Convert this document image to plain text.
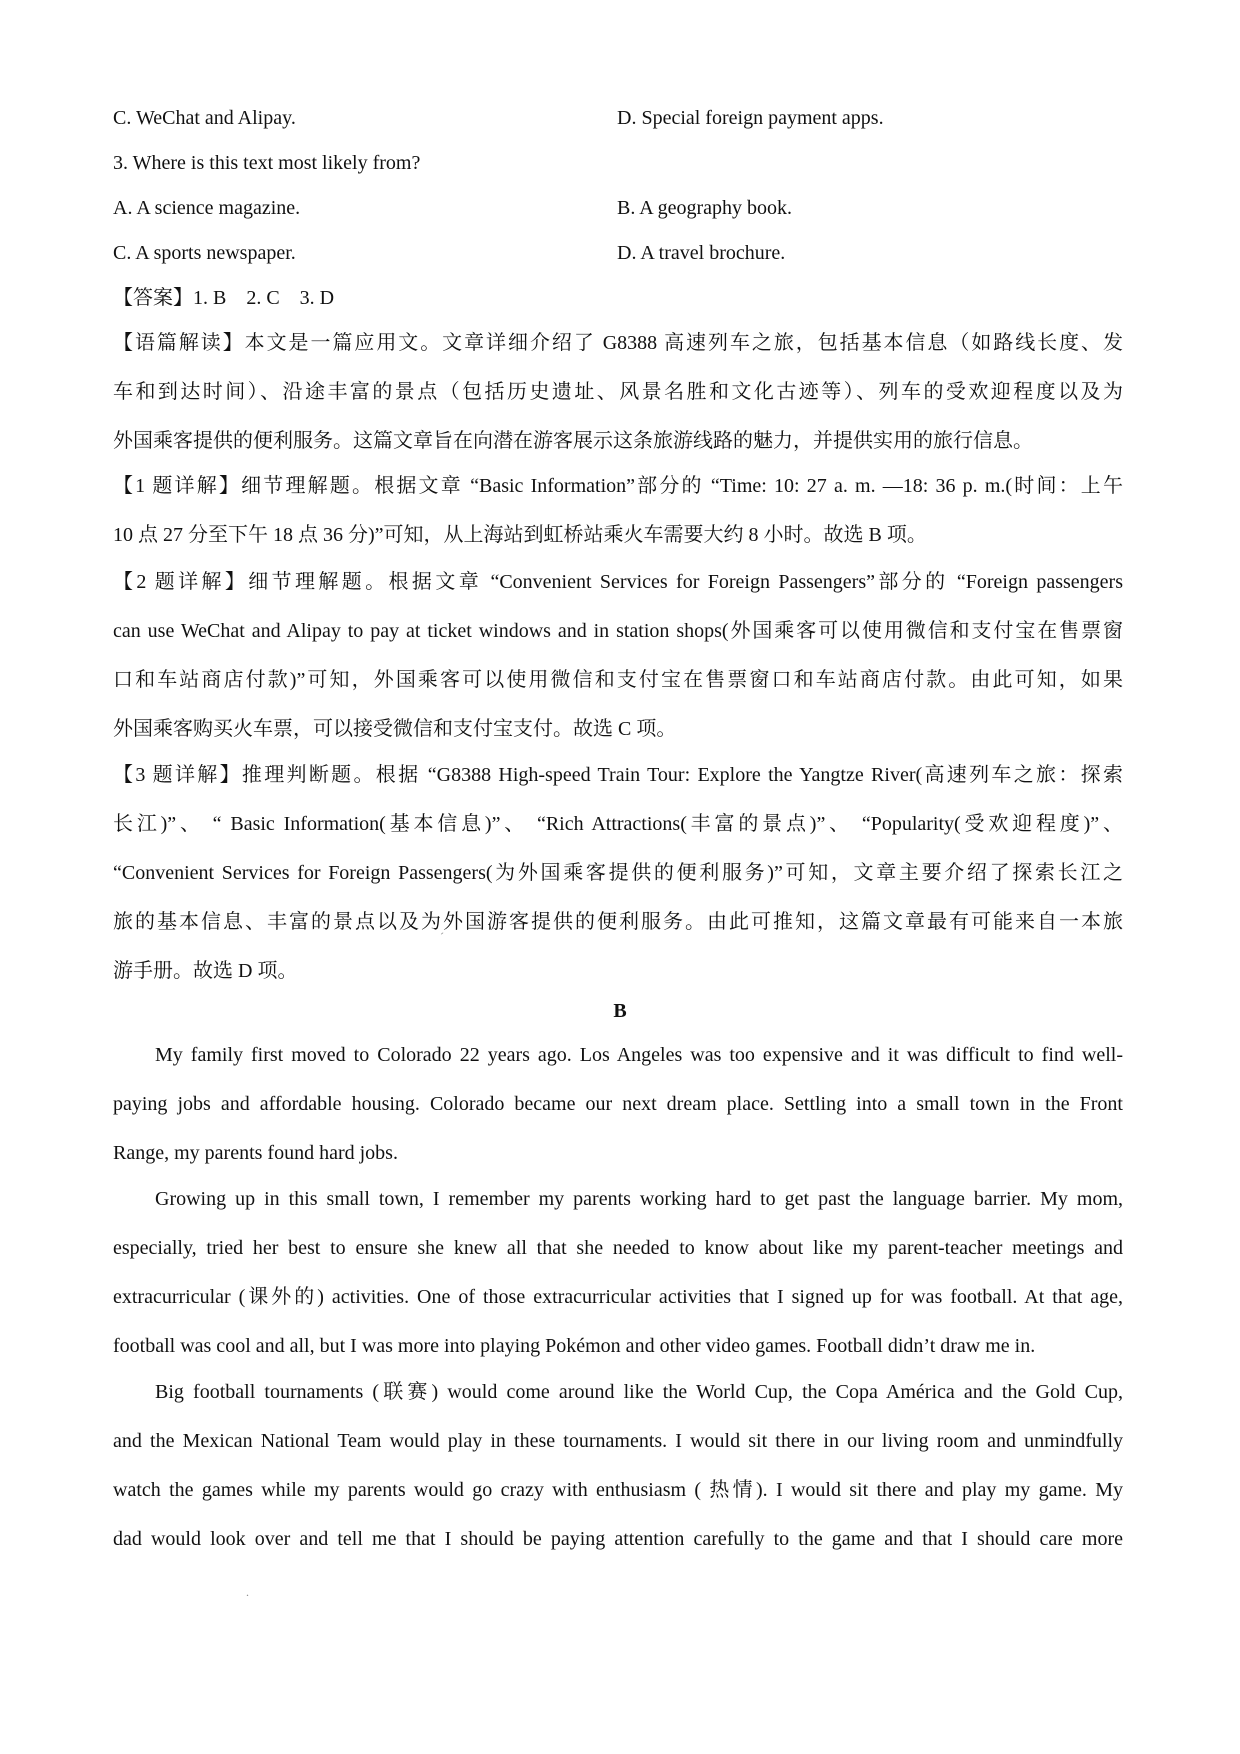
C. WeChat and Alipay.	D. Special foreign payment apps.
3. Where is this text most likely from?
A. A science magazine.	B. A geography book.
C. A sports newspaper.	D. A travel brochure.
【答案】1. B　2. C　3. D
【语篇解读】本文是一篇应用文。文章详细介绍了 G8388 高速列车之旅，包括基本信息（如路线长度、发
车和到达时间）、沿途丰富的景点（包括历史遗址、风景名胜和文化古迹等）、列车的受欢迎程度以及为
外国乘客提供的便利服务。这篇文章旨在向潜在游客展示这条旅游线路的魅力，并提供实用的旅行信息。
【1 题详解】细节理解题。根据文章 “Basic Information”部分的 “Time: 10: 27 a. m. —18: 36 p. m.(时间：上午
10 点 27 分至下午 18 点 36 分)”可知，从上海站到虹桥站乘火车需要大约 8 小时。故选 B 项。
【2 题详解】细节理解题。根据文章 “Convenient Services for Foreign Passengers”部分的 “Foreign passengers
can use WeChat and Alipay to pay at ticket windows and in station shops(外国乘客可以使用微信和支付宝在售票窗
口和车站商店付款)”可知，外国乘客可以使用微信和支付宝在售票窗口和车站商店付款。由此可知，如果
外国乘客购买火车票，可以接受微信和支付宝支付。故选 C 项。
【3 题详解】推理判断题。根据 “G8388 High-speed Train Tour: Explore the Yangtze River(高速列车之旅：探索
长江)”、 “ Basic Information(基本信息)”、 “Rich Attractions(丰富的景点)”、 “Popularity(受欢迎程度)”、
“Convenient Services for Foreign Passengers(为外国乘客提供的便利服务)”可知，文章主要介绍了探索长江之
旅的基本信息、丰富的景点以及为外国游客提供的便利服务。由此可推知，这篇文章最有可能来自一本旅
游手册。故选 D 项。
´
B
My family first moved to Colorado 22 years ago. Los Angeles was too expensive and it was difficult to find well-
paying jobs and affordable housing. Colorado became our next dream place. Settling into a small town in the Front
Range, my parents found hard jobs.
Growing up in this small town, I remember my parents working hard to get past the language barrier. My mom,
especially, tried her best to ensure she knew all that she needed to know about like my parent-teacher meetings and
extracurricular (课外的) activities. One of those extracurricular activities that I signed up for was football. At that age,
football was cool and all, but I was more into playing Pokémon and other video games. Football didn’t draw me in.
Big football tournaments (联赛) would come around like the World Cup, the Copa América and the Gold Cup,
and the Mexican National Team would play in these tournaments. I would sit there in our living room and unmindfully
watch the games while my parents would go crazy with enthusiasm ( 热情). I would sit there and play my game. My
dad would look over and tell me that I should be paying attention carefully to the game and that I should care more
.
